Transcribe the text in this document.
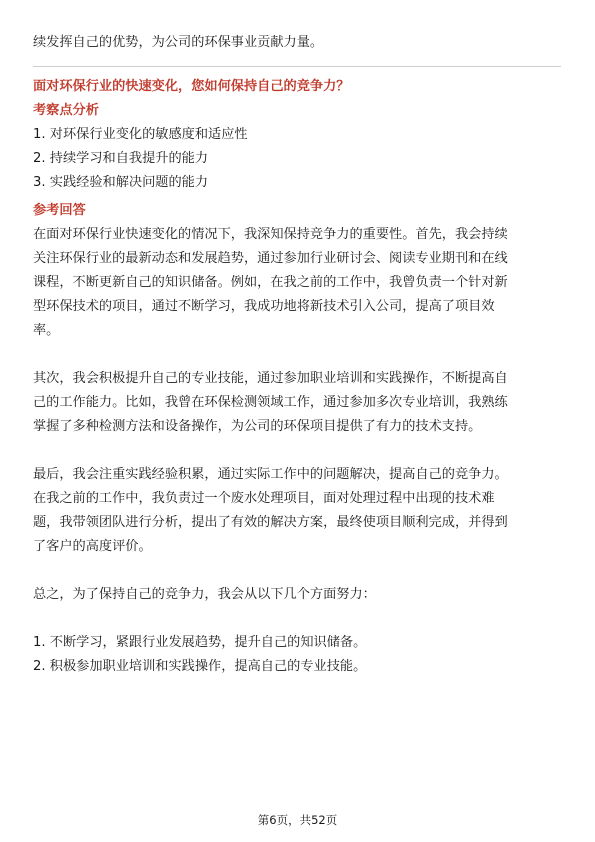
续发挥自己的优势，为公司的环保事业贡献力量。
面对环保行业的快速变化，您如何保持自己的竞争力？
考察点分析
1. 对环保行业变化的敏感度和适应性
2. 持续学习和自我提升的能力
3. 实践经验和解决问题的能力
参考回答
在面对环保行业快速变化的情况下，我深知保持竞争力的重要性。首先，我会持续
关注环保行业的最新动态和发展趋势，通过参加行业研讨会、阅读专业期刊和在线
课程，不断更新自己的知识储备。例如，在我之前的工作中，我曾负责一个针对新
型环保技术的项目，通过不断学习，我成功地将新技术引入公司，提高了项目效
率。
其次，我会积极提升自己的专业技能，通过参加职业培训和实践操作，不断提高自
己的工作能力。比如，我曾在环保检测领域工作，通过参加多次专业培训，我熟练
掌握了多种检测方法和设备操作，为公司的环保项目提供了有力的技术支持。
最后，我会注重实践经验积累，通过实际工作中的问题解决，提高自己的竞争力。
在我之前的工作中，我负责过一个废水处理项目，面对处理过程中出现的技术难
题，我带领团队进行分析，提出了有效的解决方案，最终使项目顺利完成，并得到
了客户的高度评价。
总之，为了保持自己的竞争力，我会从以下几个方面努力：
1. 不断学习，紧跟行业发展趋势，提升自己的知识储备。
2. 积极参加职业培训和实践操作，提高自己的专业技能。
第6页，共52页
